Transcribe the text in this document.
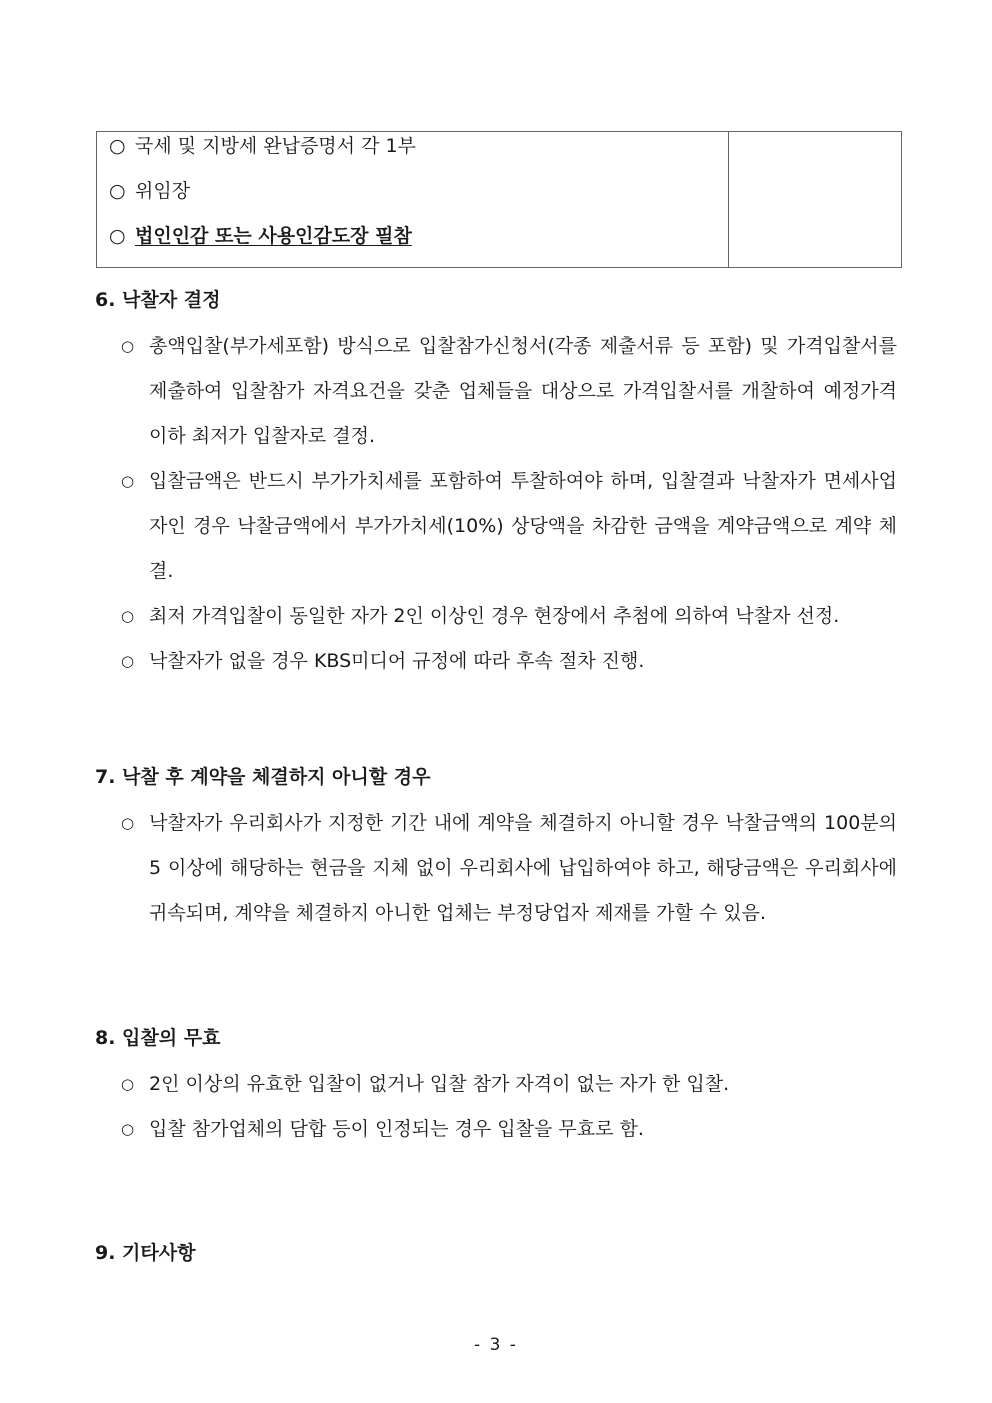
○ 국세 및 지방세 완납증명서 각 1부
○ 위임장
○ 법인인감 또는 사용인감도장 필참

6. 낙찰자 결정
○ 총액입찰(부가세포함) 방식으로 입찰참가신청서(각종 제출서류 등 포함) 및 가격입찰서를 제출하여 입찰참가 자격요건을 갖춘 업체들을 대상으로 가격입찰서를 개찰하여 예정가격 이하 최저가 입찰자로 결정.
○ 입찰금액은 반드시 부가가치세를 포함하여 투찰하여야 하며, 입찰결과 낙찰자가 면세사업자인 경우 낙찰금액에서 부가가치세(10%) 상당액을 차감한 금액을 계약금액으로 계약 체결.
○ 최저 가격입찰이 동일한 자가 2인 이상인 경우 현장에서 추첨에 의하여 낙찰자 선정.
○ 낙찰자가 없을 경우 KBS미디어 규정에 따라 후속 절차 진행.
7. 낙찰 후 계약을 체결하지 아니할 경우
○ 낙찰자가 우리회사가 지정한 기간 내에 계약을 체결하지 아니할 경우 낙찰금액의 100분의 5 이상에 해당하는 현금을 지체 없이 우리회사에 납입하여야 하고, 해당금액은 우리회사에 귀속되며, 계약을 체결하지 아니한 업체는 부정당업자 제재를 가할 수 있음.
8. 입찰의 무효
○ 2인 이상의 유효한 입찰이 없거나 입찰 참가 자격이 없는 자가 한 입찰.
○ 입찰 참가업체의 담합 등이 인정되는 경우 입찰을 무효로 함.
9. 기타사항
- 3 -
